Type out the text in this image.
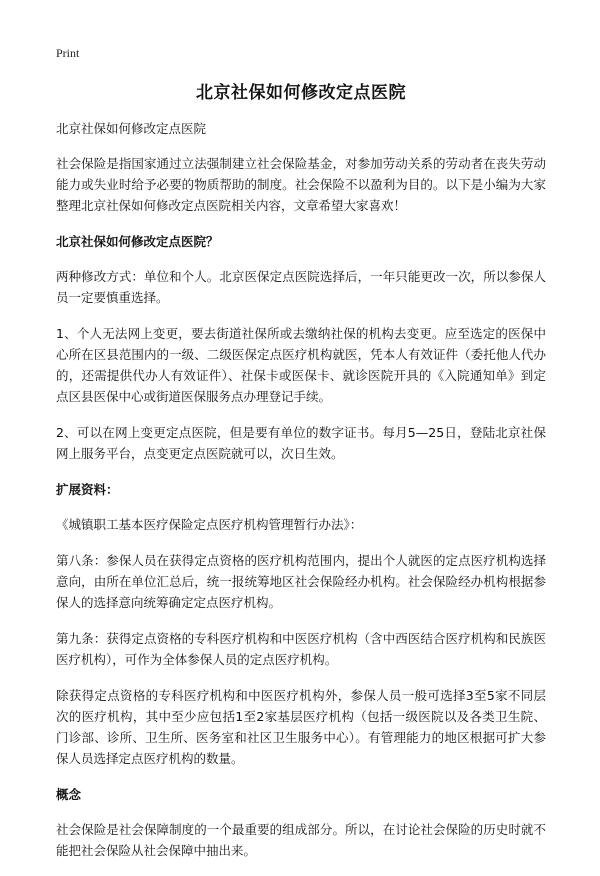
Print
北京社保如何修改定点医院

北京社保如何修改定点医院

社会保险是指国家通过立法强制建立社会保险基金，对参加劳动关系的劳动者在丧失劳动能力或失业时给予必要的物质帮助的制度。社会保险不以盈利为目的。以下是小编为大家整理北京社保如何修改定点医院相关内容，文章希望大家喜欢！

北京社保如何修改定点医院？

两种修改方式：单位和个人。北京医保定点医院选择后，一年只能更改一次，所以参保人员一定要慎重选择。

1、个人无法网上变更，要去街道社保所或去缴纳社保的机构去变更。应至选定的医保中心所在区县范围内的一级、二级医保定点医疗机构就医，凭本人有效证件（委托他人代办的，还需提供代办人有效证件）、社保卡或医保卡、就诊医院开具的《入院通知单》到定点区县医保中心或街道医保服务点办理登记手续。

2、可以在网上变更定点医院，但是要有单位的数字证书。每月5—25日，登陆北京社保网上服务平台，点变更定点医院就可以，次日生效。

扩展资料：

《城镇职工基本医疗保险定点医疗机构管理暂行办法》：

第八条：参保人员在获得定点资格的医疗机构范围内，提出个人就医的定点医疗机构选择意向，由所在单位汇总后，统一报统筹地区社会保险经办机构。社会保险经办机构根据参保人的选择意向统筹确定定点医疗机构。

第九条：获得定点资格的专科医疗机构和中医医疗机构（含中西医结合医疗机构和民族医医疗机构），可作为全体参保人员的定点医疗机构。

除获得定点资格的专科医疗机构和中医医疗机构外，参保人员一般可选择3至5家不同层次的医疗机构，其中至少应包括1至2家基层医疗机构（包括一级医院以及各类卫生院、门诊部、诊所、卫生所、医务室和社区卫生服务中心）。有管理能力的地区根据可扩大参保人员选择定点医疗机构的数量。

概念

社会保险是社会保障制度的一个最重要的组成部分。所以，在讨论社会保险的历史时就不能把社会保险从社会保障中抽出来。
